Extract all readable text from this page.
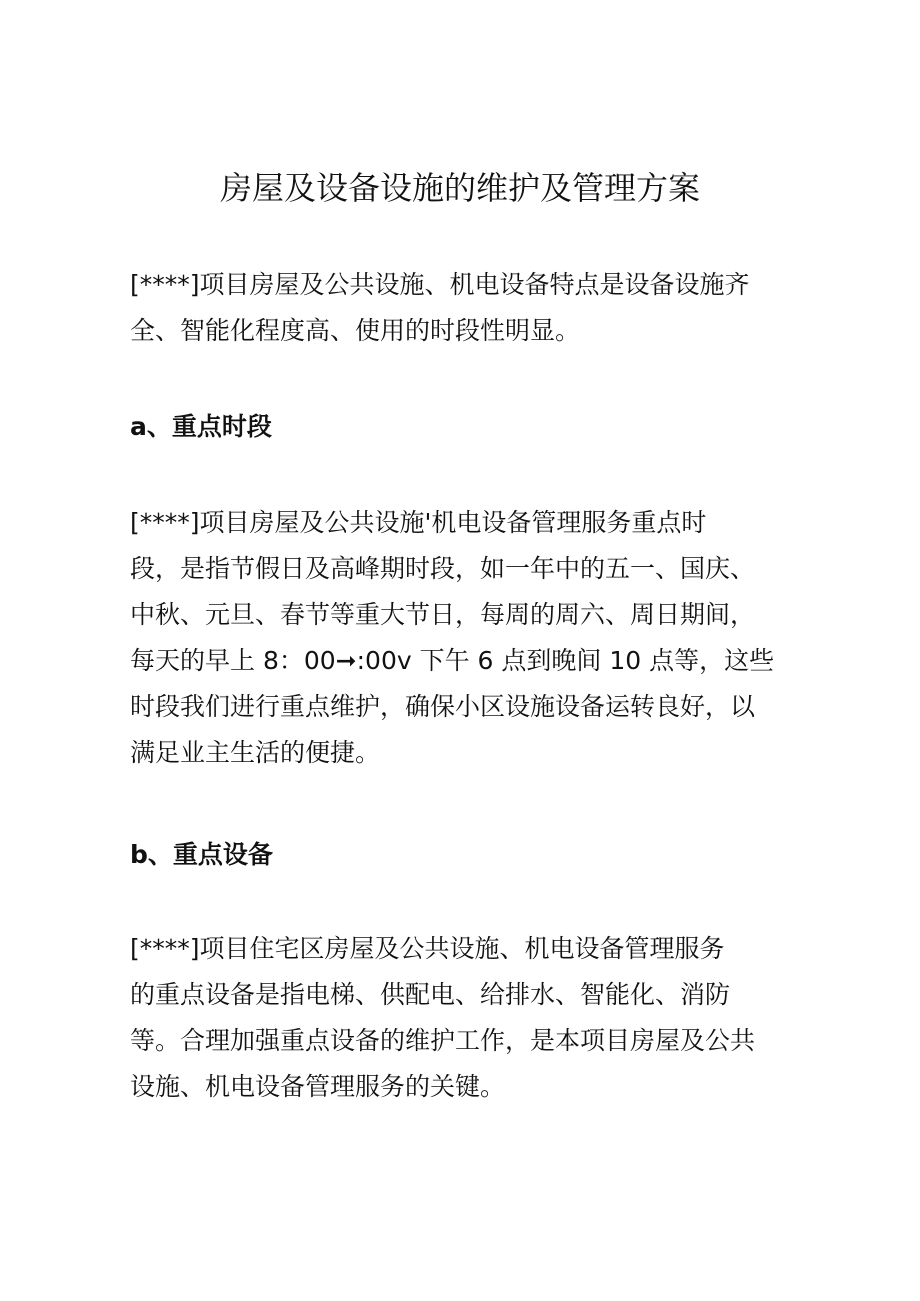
房屋及设备设施的维护及管理方案

[****]项目房屋及公共设施、机电设备特点是设备设施齐
全、智能化程度高、使用的时段性明显。

a、重点时段

[****]项目房屋及公共设施'机电设备管理服务重点时
段，是指节假日及高峰期时段，如一年中的五一、国庆、
中秋、元旦、春节等重大节日，每周的周六、周日期间，
每天的早上 8：00➞:00v 下午 6 点到晚间 10 点等，这些
时段我们进行重点维护，确保小区设施设备运转良好，以
满足业主生活的便捷。

b、重点设备

[****]项目住宅区房屋及公共设施、机电设备管理服务
的重点设备是指电梯、供配电、给排水、智能化、消防
等。合理加强重点设备的维护工作，是本项目房屋及公共
设施、机电设备管理服务的关键。
